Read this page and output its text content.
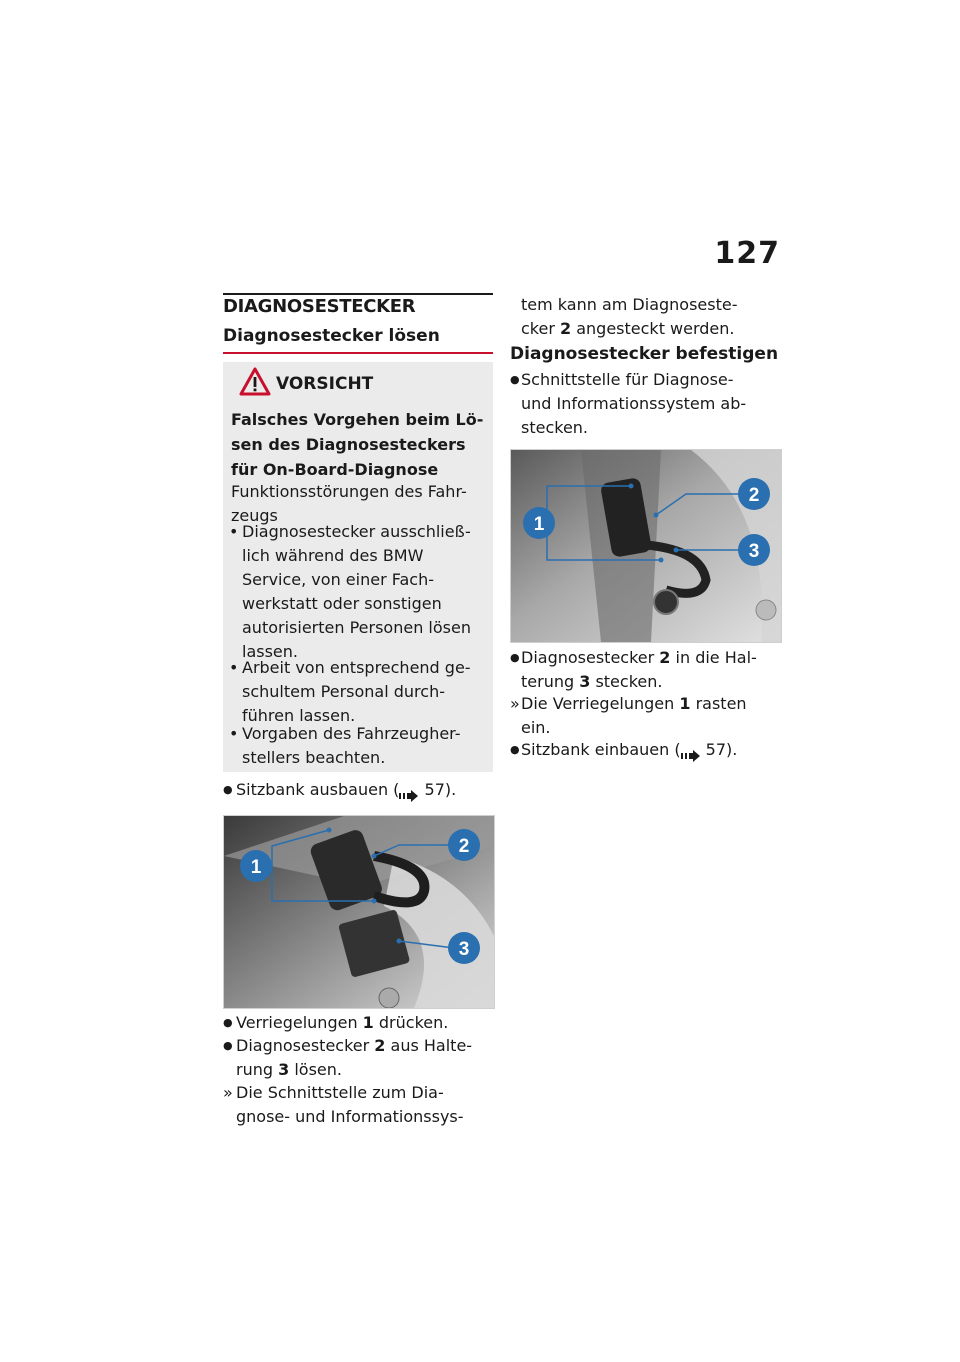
127
DIAGNOSESTECKER
Diagnosestecker lösen
VORSICHT
Falsches Vorgehen beim Lö-
sen des Diagnosesteckers
für On-Board-Diagnose
Funktionsstörungen des Fahr-
zeugs
• Diagnosestecker ausschließ-
lich während des BMW
Service, von einer Fach-
werkstatt oder sonstigen
autorisierten Personen lösen
lassen.
• Arbeit von entsprechend ge-
schultem Personal durch-
führen lassen.
• Vorgaben des Fahrzeugher-
stellers beachten.
● Sitzbank ausbauen ( 57).
1
2
3
● Verriegelungen 1 drücken.
● Diagnosestecker 2 aus Halte-
rung 3 lösen.
» Die Schnittstelle zum Dia-
gnose- und Informationssys-
tem kann am Diagnoseste-
cker 2 angesteckt werden.
Diagnosestecker befestigen
● Schnittstelle für Diagnose-
und Informationssystem ab-
stecken.
1
2
3
● Diagnosestecker 2 in die Hal-
terung 3 stecken.
» Die Verriegelungen 1 rasten
ein.
● Sitzbank einbauen ( 57).
